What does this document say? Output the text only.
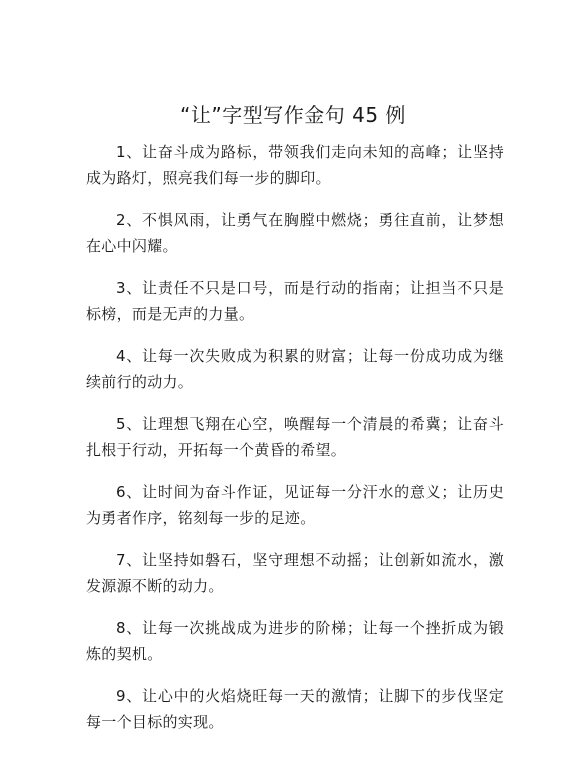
“让”字型写作金句 45 例

1、让奋斗成为路标，带领我们走向未知的高峰；让坚持成为路灯，照亮我们每一步的脚印。

2、不惧风雨，让勇气在胸膛中燃烧；勇往直前，让梦想在心中闪耀。

3、让责任不只是口号，而是行动的指南；让担当不只是标榜，而是无声的力量。

4、让每一次失败成为积累的财富；让每一份成功成为继续前行的动力。

5、让理想飞翔在心空，唤醒每一个清晨的希冀；让奋斗扎根于行动，开拓每一个黄昏的希望。

6、让时间为奋斗作证，见证每一分汗水的意义；让历史为勇者作序，铭刻每一步的足迹。

7、让坚持如磐石，坚守理想不动摇；让创新如流水，激发源源不断的动力。

8、让每一次挑战成为进步的阶梯；让每一个挫折成为锻炼的契机。

9、让心中的火焰烧旺每一天的激情；让脚下的步伐坚定每一个目标的实现。
